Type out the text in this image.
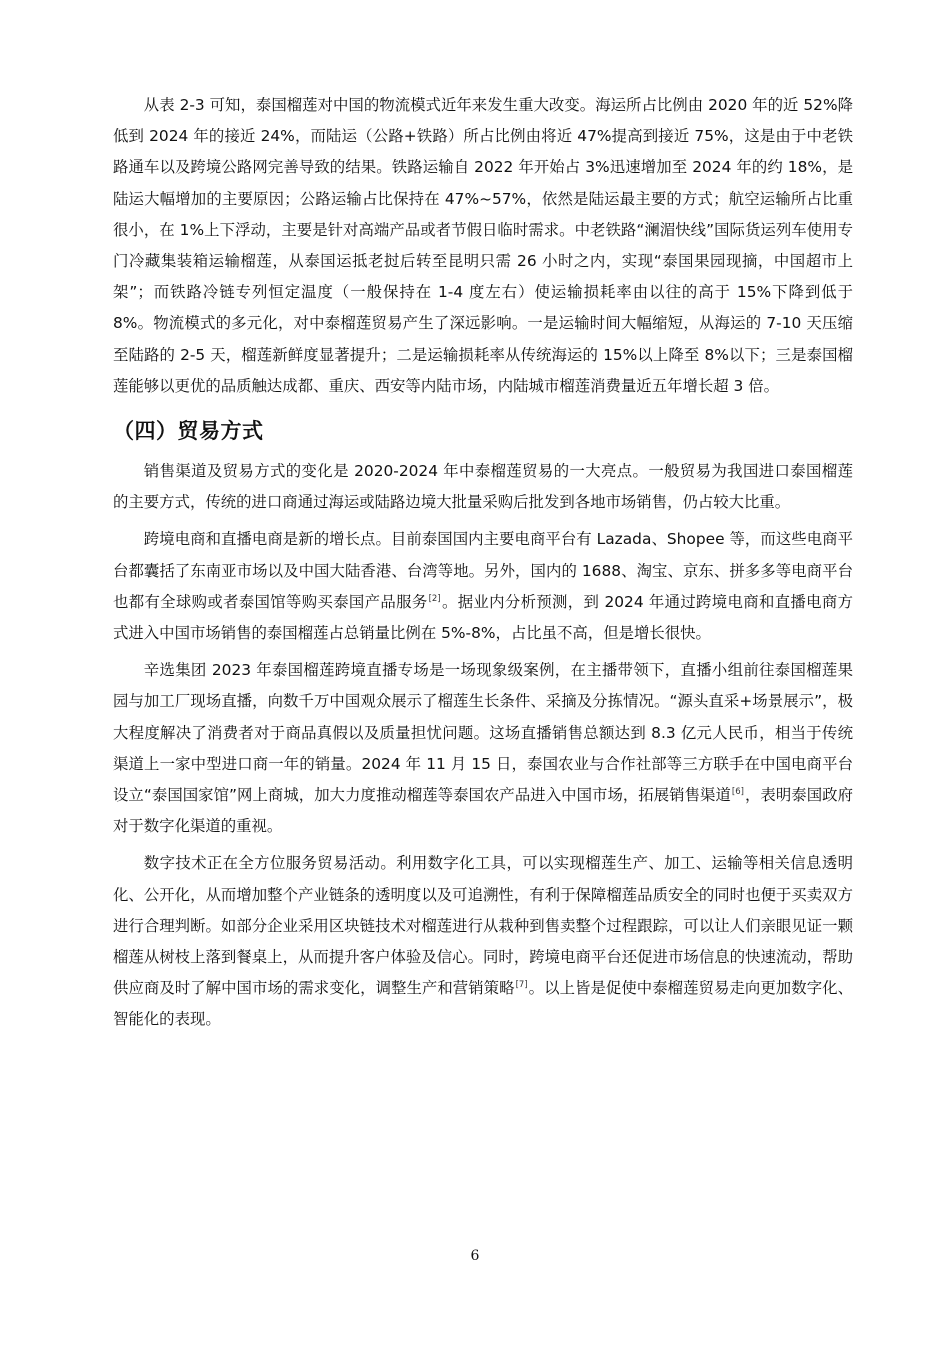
从表 2-3 可知，泰国榴莲对中国的物流模式近年来发生重大改变。海运所占比例由 2020 年的近 52%降低到 2024 年的接近 24%，而陆运（公路+铁路）所占比例由将近 47%提高到接近 75%，这是由于中老铁路通车以及跨境公路网完善导致的结果。铁路运输自 2022 年开始占 3%迅速增加至 2024 年的约 18%，是陆运大幅增加的主要原因；公路运输占比保持在 47%~57%，依然是陆运最主要的方式；航空运输所占比重很小，在 1%上下浮动，主要是针对高端产品或者节假日临时需求。中老铁路“澜湄快线”国际货运列车使用专门冷藏集装箱运输榴莲，从泰国运抵老挝后转至昆明只需 26 小时之内，实现“泰国果园现摘，中国超市上架”；而铁路冷链专列恒定温度（一般保持在 1-4 度左右）使运输损耗率由以往的高于 15%下降到低于 8%。物流模式的多元化，对中泰榴莲贸易产生了深远影响。一是运输时间大幅缩短，从海运的 7-10 天压缩至陆路的 2-5 天，榴莲新鲜度显著提升；二是运输损耗率从传统海运的 15%以上降至 8%以下；三是泰国榴莲能够以更优的品质触达成都、重庆、西安等内陆市场，内陆城市榴莲消费量近五年增长超 3 倍。

（四）贸易方式

销售渠道及贸易方式的变化是 2020-2024 年中泰榴莲贸易的一大亮点。一般贸易为我国进口泰国榴莲的主要方式，传统的进口商通过海运或陆路边境大批量采购后批发到各地市场销售，仍占较大比重。

跨境电商和直播电商是新的增长点。目前泰国国内主要电商平台有 Lazada、Shopee 等，而这些电商平台都囊括了东南亚市场以及中国大陆香港、台湾等地。另外，国内的 1688、淘宝、京东、拼多多等电商平台也都有全球购或者泰国馆等购买泰国产品服务[2]。据业内分析预测，到 2024 年通过跨境电商和直播电商方式进入中国市场销售的泰国榴莲占总销量比例在 5%-8%，占比虽不高，但是增长很快。

辛选集团 2023 年泰国榴莲跨境直播专场是一场现象级案例，在主播带领下，直播小组前往泰国榴莲果园与加工厂现场直播，向数千万中国观众展示了榴莲生长条件、采摘及分拣情况。“源头直采+场景展示”，极大程度解决了消费者对于商品真假以及质量担忧问题。这场直播销售总额达到 8.3 亿元人民币，相当于传统渠道上一家中型进口商一年的销量。2024 年 11 月 15 日，泰国农业与合作社部等三方联手在中国电商平台设立“泰国国家馆”网上商城，加大力度推动榴莲等泰国农产品进入中国市场，拓展销售渠道[6]，表明泰国政府对于数字化渠道的重视。

数字技术正在全方位服务贸易活动。利用数字化工具，可以实现榴莲生产、加工、运输等相关信息透明化、公开化，从而增加整个产业链条的透明度以及可追溯性，有利于保障榴莲品质安全的同时也便于买卖双方进行合理判断。如部分企业采用区块链技术对榴莲进行从栽种到售卖整个过程跟踪，可以让人们亲眼见证一颗榴莲从树枝上落到餐桌上，从而提升客户体验及信心。同时，跨境电商平台还促进市场信息的快速流动，帮助供应商及时了解中国市场的需求变化，调整生产和营销策略[7]。以上皆是促使中泰榴莲贸易走向更加数字化、智能化的表现。

6
